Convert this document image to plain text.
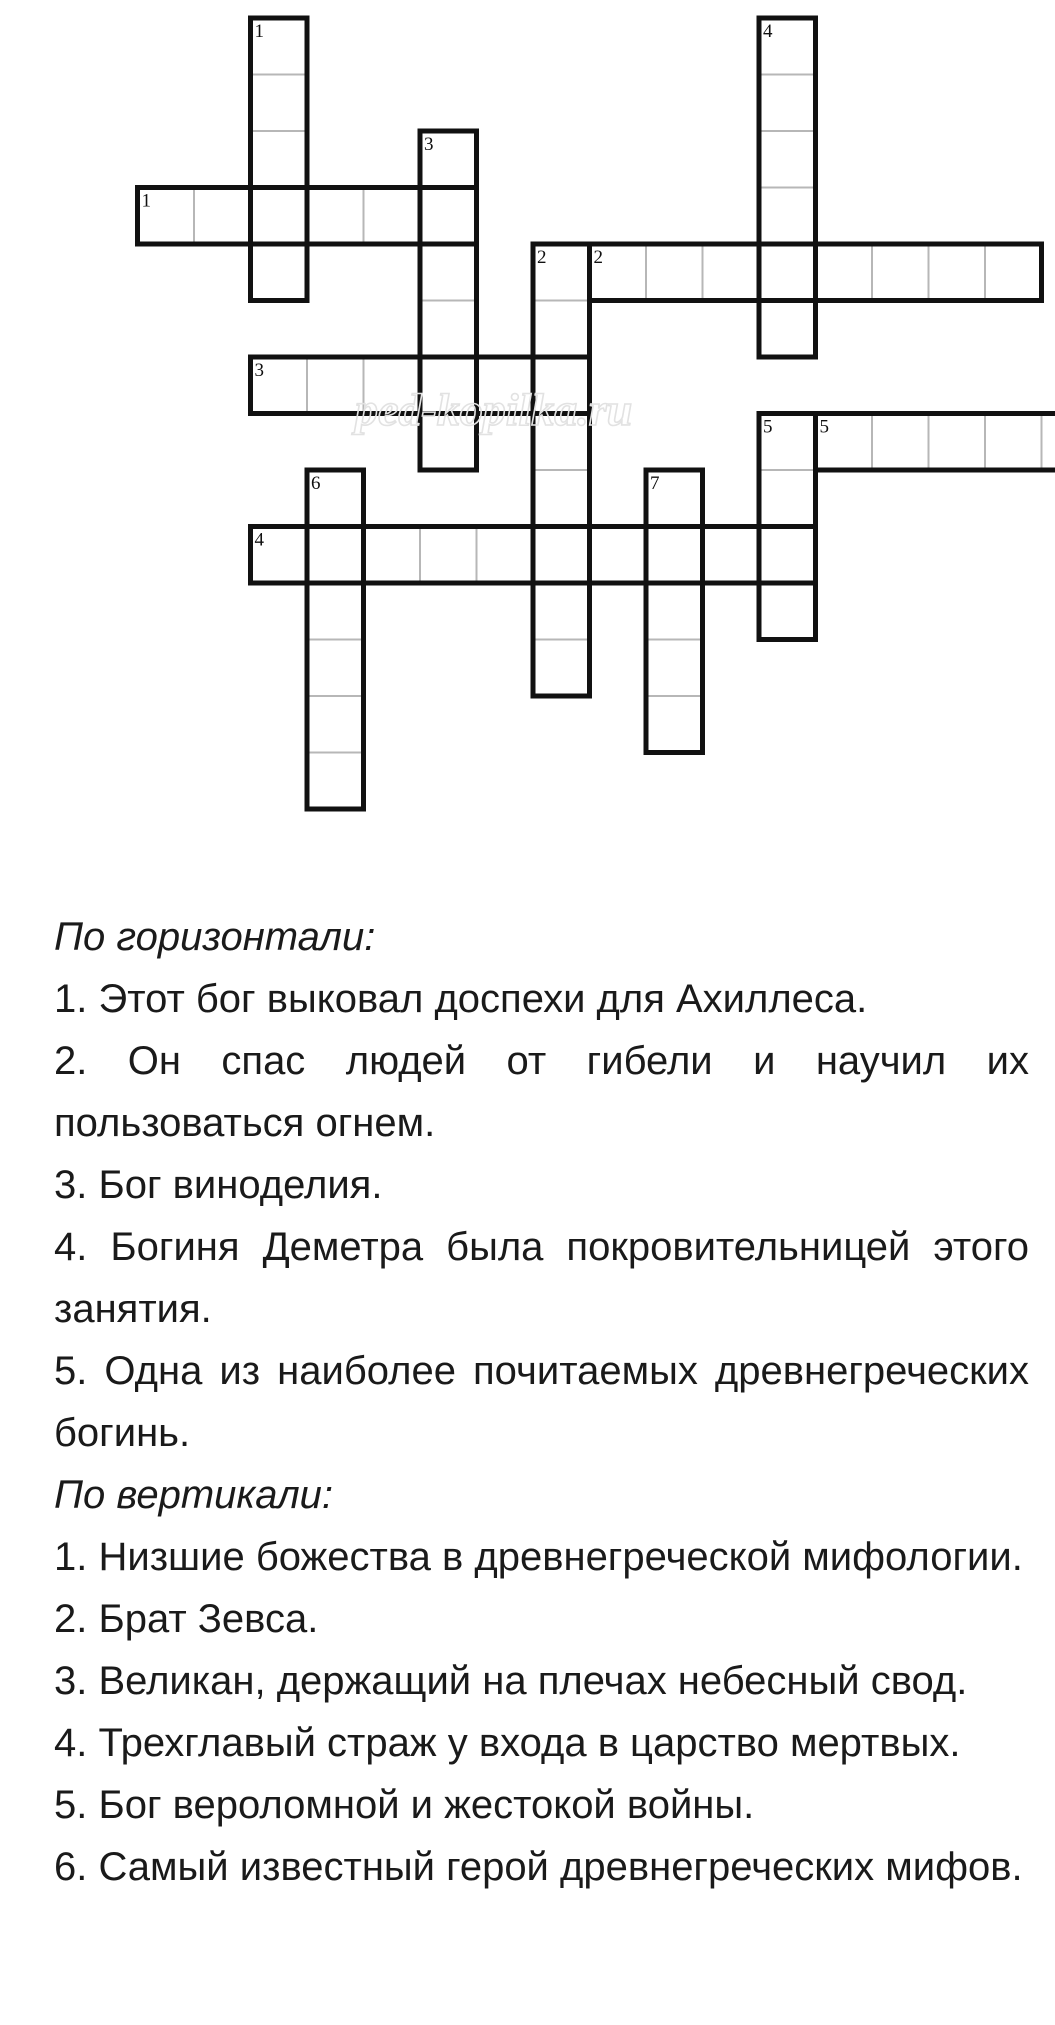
1
2
3
5
4
1
3
2
4
5
6	7
ped-kopilka.ru
По горизонтали:
1. Этот бог выковал доспехи для Ахиллеса.
2. Он спас людей от гибели и научил их пользоваться огнем.
3. Бог виноделия.
4. Богиня Деметра была покровительницей этого занятия.
5. Одна из наиболее почитаемых древнегреческих богинь.
По вертикали:
1. Низшие божества в древнегреческой мифологии.
2. Брат Зевса.
3. Великан, держащий на плечах небесный свод.
4. Трехглавый страж у входа в царство мертвых.
5. Бог вероломной и жестокой войны.
6. Самый известный герой древнегреческих мифов.
